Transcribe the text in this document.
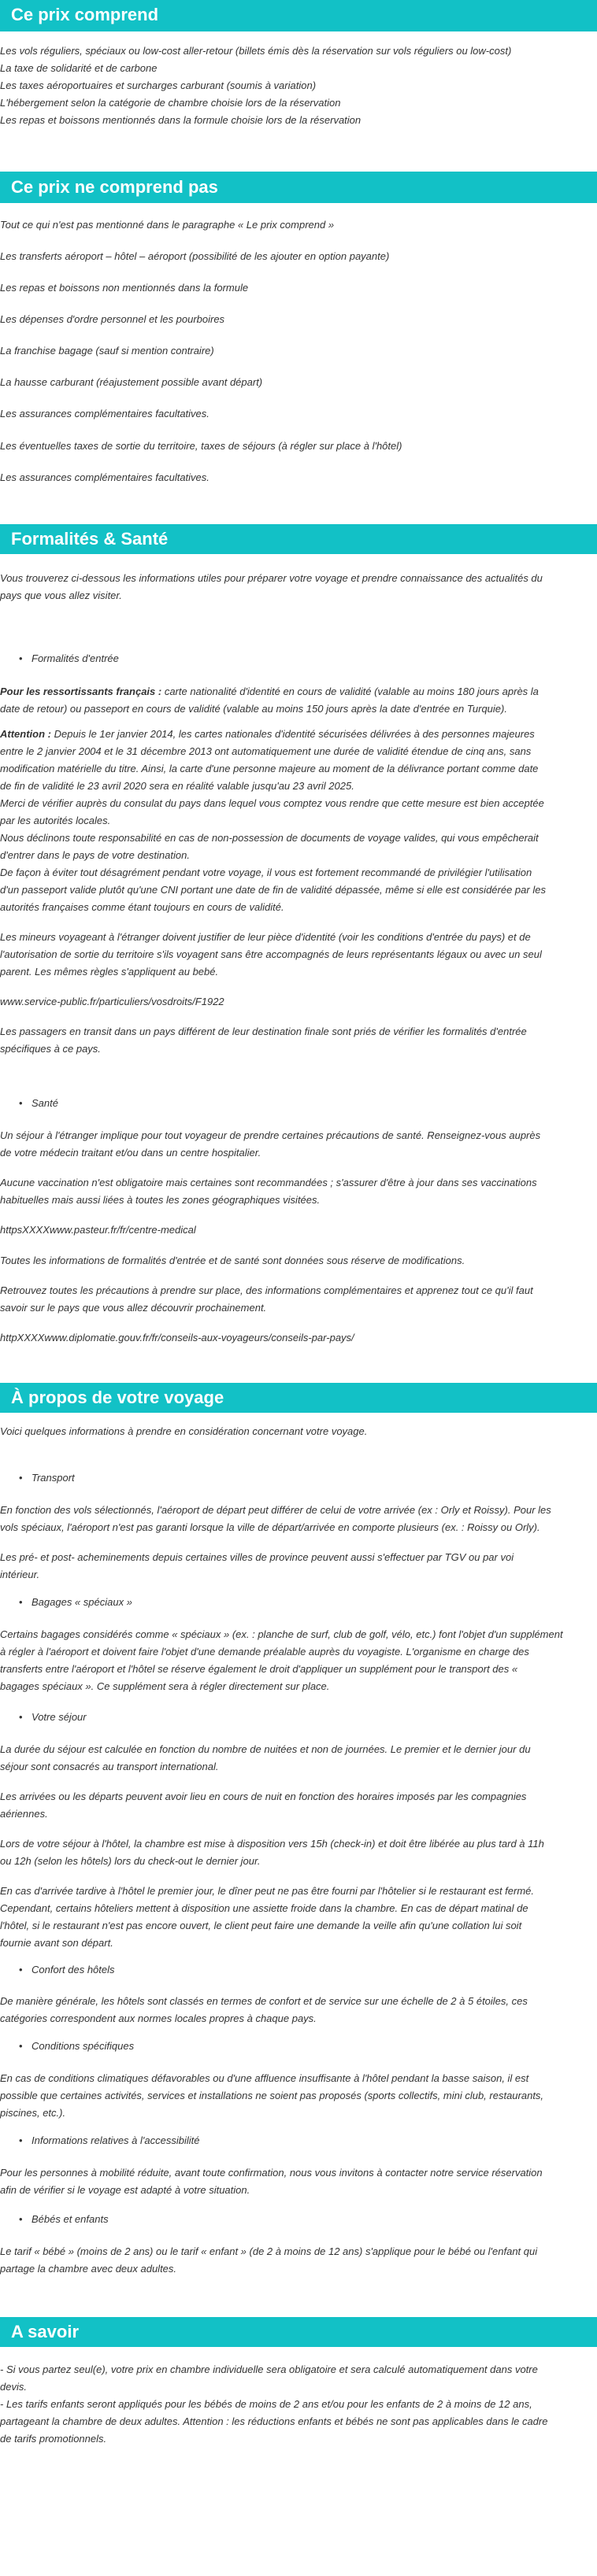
Ce prix comprend

Les vols réguliers, spéciaux ou low-cost aller-retour (billets émis dès la réservation sur vols réguliers ou low-cost)

La taxe de solidarité et de carbone

Les taxes aéroportuaires et surcharges carburant (soumis à variation)

L'hébergement selon la catégorie de chambre choisie lors de la réservation

Les repas et boissons mentionnés dans la formule choisie lors de la réservation

Ce prix ne comprend pas

Tout ce qui n'est pas mentionné dans le paragraphe « Le prix comprend »

Les transferts aéroport – hôtel – aéroport (possibilité de les ajouter en option payante)

Les repas et boissons non mentionnés dans la formule

Les dépenses d'ordre personnel et les pourboires

La franchise bagage (sauf si mention contraire)

La hausse carburant (réajustement possible avant départ)

Les assurances complémentaires facultatives.

Les éventuelles taxes de sortie du territoire, taxes de séjours (à régler sur place à l'hôtel)

Les assurances complémentaires facultatives.

Formalités & Santé

Vous trouverez ci-dessous les informations utiles pour préparer votre voyage et prendre connaissance des actualités du

pays que vous allez visiter.

• Formalités d'entrée

Pour les ressortissants français : carte nationalité d'identité en cours de validité (valable au moins 180 jours après la

date de retour) ou passeport en cours de validité (valable au moins 150 jours après la date d'entrée en Turquie).

Attention : Depuis le 1er janvier 2014, les cartes nationales d'identité sécurisées délivrées à des personnes majeures

entre le 2 janvier 2004 et le 31 décembre 2013 ont automatiquement une durée de validité étendue de cinq ans, sans

modification matérielle du titre. Ainsi, la carte d'une personne majeure au moment de la délivrance portant comme date

de fin de validité le 23 avril 2020 sera en réalité valable jusqu'au 23 avril 2025.

Merci de vérifier auprès du consulat du pays dans lequel vous comptez vous rendre que cette mesure est bien acceptée

par les autorités locales.

Nous déclinons toute responsabilité en cas de non-possession de documents de voyage valides, qui vous empêcherait

d'entrer dans le pays de votre destination.

De façon à éviter tout désagrément pendant votre voyage, il vous est fortement recommandé de privilégier l'utilisation

d'un passeport valide plutôt qu'une CNI portant une date de fin de validité dépassée, même si elle est considérée par les

autorités françaises comme étant toujours en cours de validité.

Les mineurs voyageant à l'étranger doivent justifier de leur pièce d'identité (voir les conditions d'entrée du pays) et de

l'autorisation de sortie du territoire s'ils voyagent sans être accompagnés de leurs représentants légaux ou avec un seul

parent. Les mêmes règles s'appliquent au bebé.

www.service-public.fr/particuliers/vosdroits/F1922

Les passagers en transit dans un pays différent de leur destination finale sont priés de vérifier les formalités d'entrée

spécifiques à ce pays.

• Santé

Un séjour à l'étranger implique pour tout voyageur de prendre certaines précautions de santé. Renseignez-vous auprès

de votre médecin traitant et/ou dans un centre hospitalier.

Aucune vaccination n'est obligatoire mais certaines sont recommandées ; s'assurer d'être à jour dans ses vaccinations

habituelles mais aussi liées à toutes les zones géographiques visitées.

httpsXXXXwww.pasteur.fr/fr/centre-medical

Toutes les informations de formalités d'entrée et de santé sont données sous réserve de modifications.

Retrouvez toutes les précautions à prendre sur place, des informations complémentaires et apprenez tout ce qu'il faut

savoir sur le pays que vous allez découvrir prochainement.

httpXXXXwww.diplomatie.gouv.fr/fr/conseils-aux-voyageurs/conseils-par-pays/

À propos de votre voyage

Voici quelques informations à prendre en considération concernant votre voyage.

• Transport

En fonction des vols sélectionnés, l'aéroport de départ peut différer de celui de votre arrivée (ex : Orly et Roissy). Pour les

vols spéciaux, l'aéroport n'est pas garanti lorsque la ville de départ/arrivée en comporte plusieurs (ex. : Roissy ou Orly).

Les pré- et post- acheminements depuis certaines villes de province peuvent aussi s'effectuer par TGV ou par voi

intérieur.

• Bagages « spéciaux »

Certains bagages considérés comme « spéciaux » (ex. : planche de surf, club de golf, vélo, etc.) font l'objet d'un supplément

à régler à l'aéroport et doivent faire l'objet d'une demande préalable auprès du voyagiste. L'organisme en charge des

transferts entre l'aéroport et l'hôtel se réserve également le droit d'appliquer un supplément pour le transport des «

bagages spéciaux ». Ce supplément sera à régler directement sur place.

• Votre séjour

La durée du séjour est calculée en fonction du nombre de nuitées et non de journées. Le premier et le dernier jour du

séjour sont consacrés au transport international.

Les arrivées ou les départs peuvent avoir lieu en cours de nuit en fonction des horaires imposés par les compagnies

aériennes.

Lors de votre séjour à l'hôtel, la chambre est mise à disposition vers 15h (check-in) et doit être libérée au plus tard à 11h

ou 12h (selon les hôtels) lors du check-out le dernier jour.

En cas d'arrivée tardive à l'hôtel le premier jour, le dîner peut ne pas être fourni par l'hôtelier si le restaurant est fermé.

Cependant, certains hôteliers mettent à disposition une assiette froide dans la chambre. En cas de départ matinal de

l'hôtel, si le restaurant n'est pas encore ouvert, le client peut faire une demande la veille afin qu'une collation lui soit

fournie avant son départ.

• Confort des hôtels

De manière générale, les hôtels sont classés en termes de confort et de service sur une échelle de 2 à 5 étoiles, ces

catégories correspondent aux normes locales propres à chaque pays.

• Conditions spécifiques

En cas de conditions climatiques défavorables ou d'une affluence insuffisante à l'hôtel pendant la basse saison, il est

possible que certaines activités, services et installations ne soient pas proposés (sports collectifs, mini club, restaurants,

piscines, etc.).

• Informations relatives à l'accessibilité

Pour les personnes à mobilité réduite, avant toute confirmation, nous vous invitons à contacter notre service réservation

afin de vérifier si le voyage est adapté à votre situation.

• Bébés et enfants

Le tarif « bébé » (moins de 2 ans) ou le tarif « enfant » (de 2 à moins de 12 ans) s'applique pour le bébé ou l'enfant qui

partage la chambre avec deux adultes.

A savoir

- Si vous partez seul(e), votre prix en chambre individuelle sera obligatoire et sera calculé automatiquement dans votre

devis.

- Les tarifs enfants seront appliqués pour les bébés de moins de 2 ans et/ou pour les enfants de 2 à moins de 12 ans,

partageant la chambre de deux adultes. Attention : les réductions enfants et bébés ne sont pas applicables dans le cadre

de tarifs promotionnels.
